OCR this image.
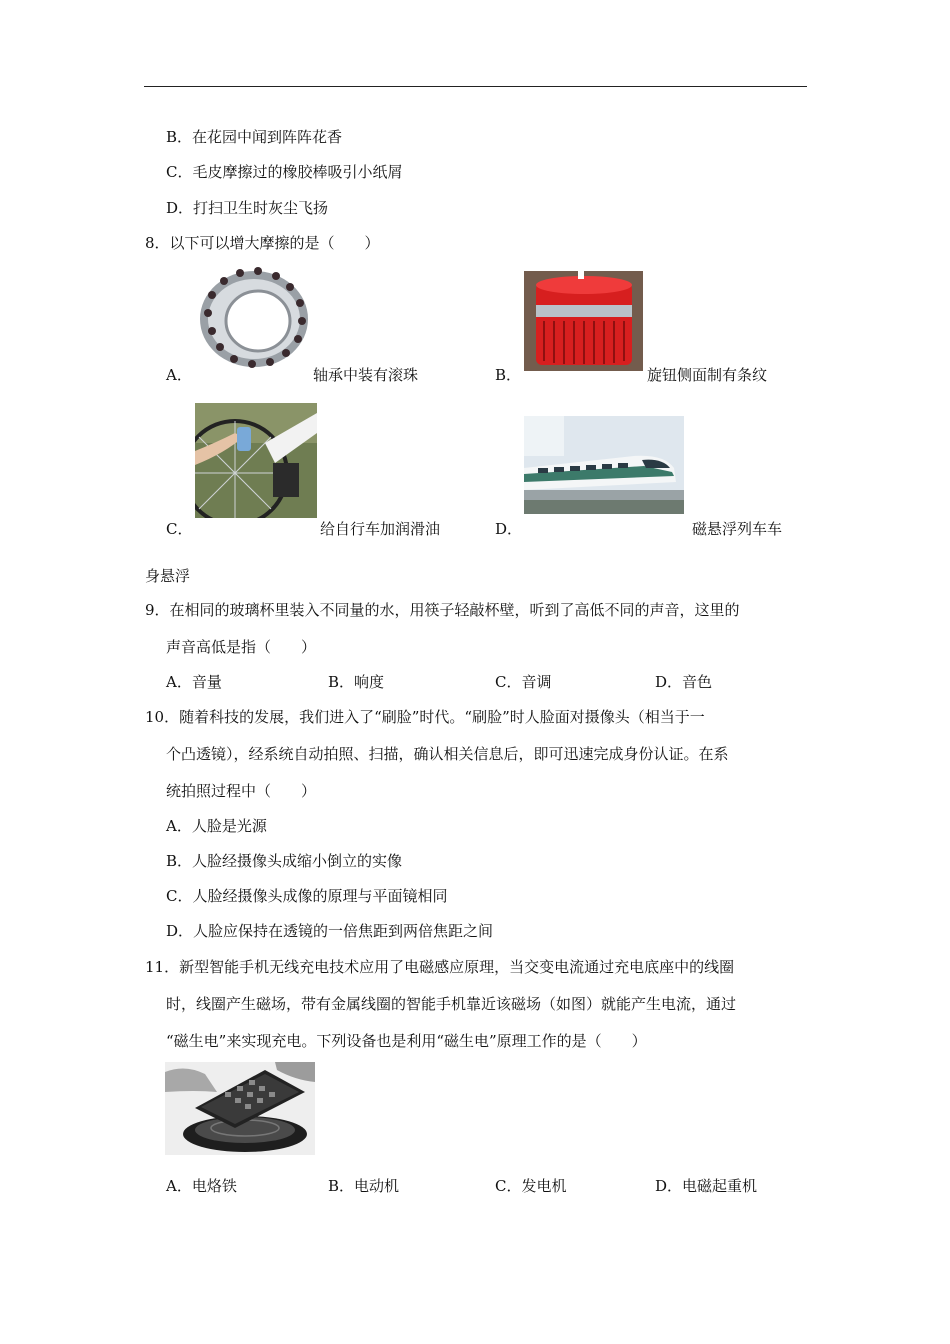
B．在花园中闻到阵阵花香
C．毛皮摩擦过的橡胶棒吸引小纸屑
D．打扫卫生时灰尘飞扬
8．以下可以增大摩擦的是（　　）
A．	轴承中装有滚珠	B．	旋钮侧面制有条纹
C．	给自行车加润滑油	D．	磁悬浮列车车
身悬浮
9．在相同的玻璃杯里装入不同量的水，用筷子轻敲杯壁，听到了高低不同的声音，这里的
声音高低是指（　　）
A．音量	B．响度	C．音调	D．音色
10．随着科技的发展，我们进入了“刷脸”时代。“刷脸”时人脸面对摄像头（相当于一
个凸透镜），经系统自动拍照、扫描，确认相关信息后，即可迅速完成身份认证。在系
统拍照过程中（　　）
A．人脸是光源
B．人脸经摄像头成缩小倒立的实像
C．人脸经摄像头成像的原理与平面镜相同
D．人脸应保持在透镜的一倍焦距到两倍焦距之间
11．新型智能手机无线充电技术应用了电磁感应原理，当交变电流通过充电底座中的线圈
时，线圈产生磁场，带有金属线圈的智能手机靠近该磁场（如图）就能产生电流，通过
“磁生电”来实现充电。下列设备也是利用“磁生电”原理工作的是（　　）
A．电烙铁	B．电动机	C．发电机	D．电磁起重机
